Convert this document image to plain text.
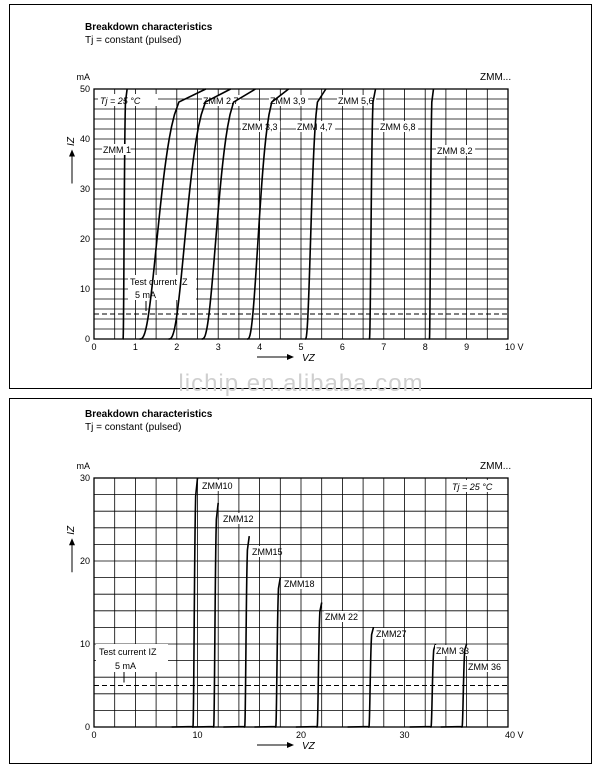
Breakdown characteristics
Tj = constant (pulsed)
ZMM...
Breakdown characteristics
Tj = constant (pulsed)
ZMM...
0	1	2	3	4	5	6	7	8	9	10 V
0
10
20
30
40
50
mA
IZ
VZ
Test current IZ
5 mA
Tj = 25 °C
ZMM 1
ZMM 2,7
ZMM 3,3
ZMM 3,9
ZMM 4,7
ZMM 5,6
ZMM 6,8
ZMM 8,2
0	10	20	30	40 V
0
10
20
30
mA
IZ
VZ
Test current IZ
5 mA
Tj = 25 °C
ZMM10
ZMM12
ZMM15
ZMM18
ZMM 22
ZMM27
ZMM 33
ZMM 36
lichip.en.alibaba.com
